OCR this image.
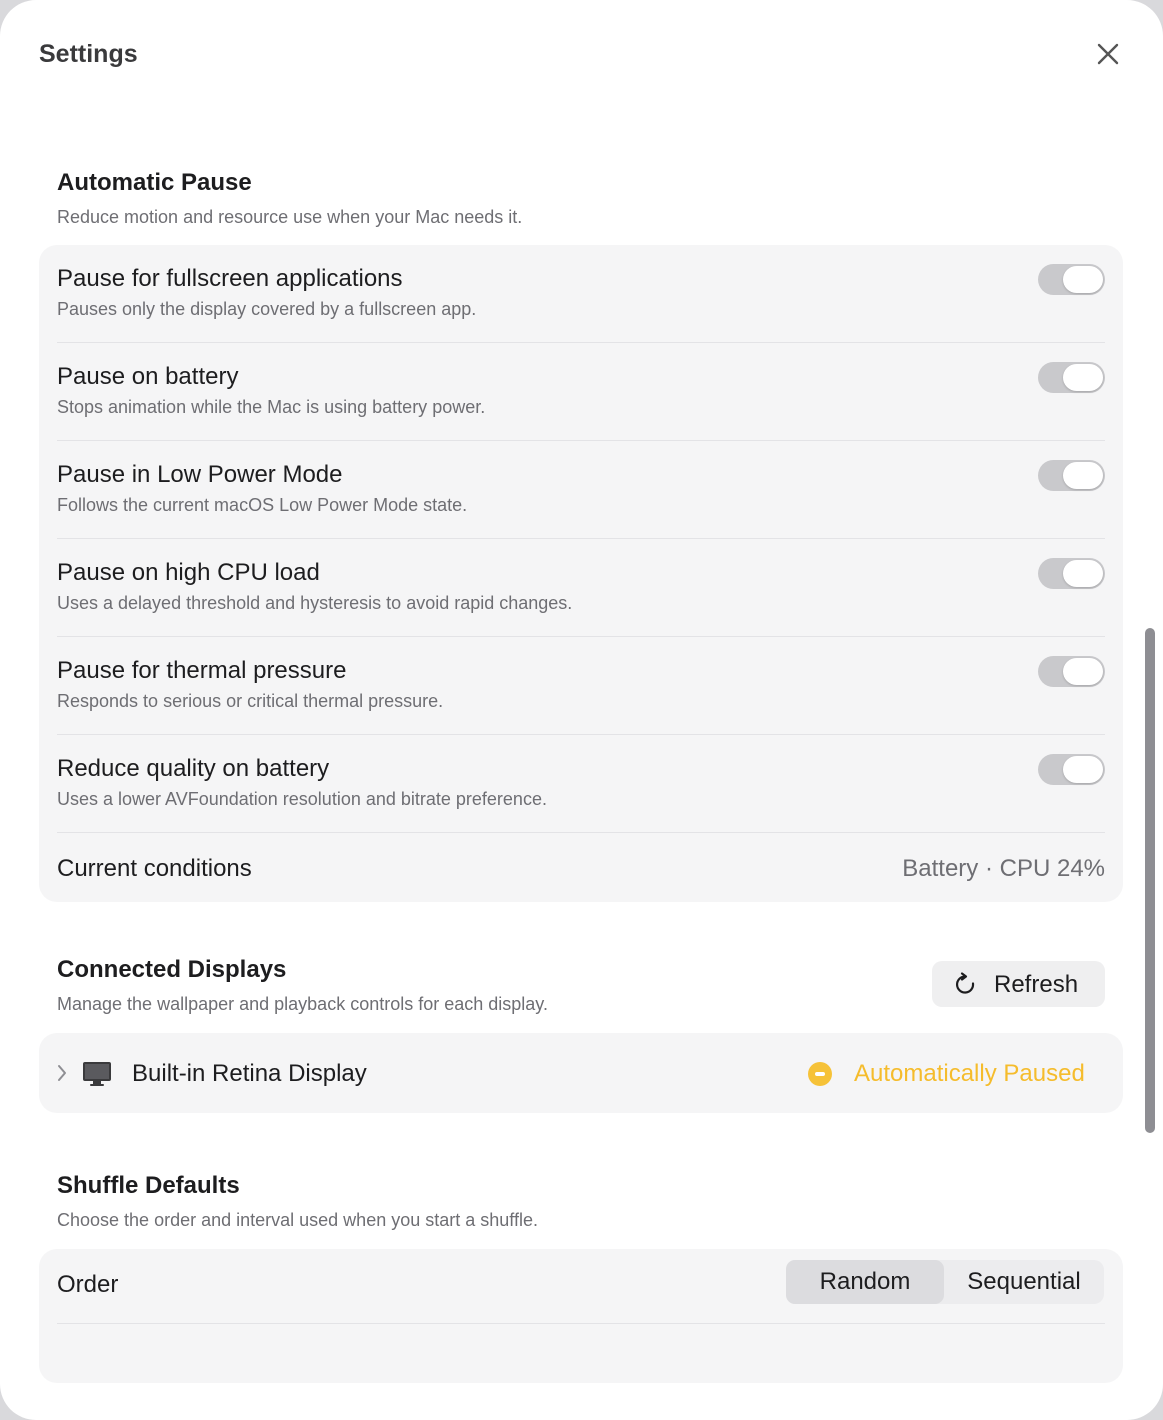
Settings
Automatic Pause
Reduce motion and resource use when your Mac needs it.
Pause for fullscreen applications
Pauses only the display covered by a fullscreen app.
Pause on battery
Stops animation while the Mac is using battery power.
Pause in Low Power Mode
Follows the current macOS Low Power Mode state.
Pause on high CPU load
Uses a delayed threshold and hysteresis to avoid rapid changes.
Pause for thermal pressure
Responds to serious or critical thermal pressure.
Reduce quality on battery
Uses a lower AVFoundation resolution and bitrate preference.
Current conditions	Battery · CPU 24%
Connected Displays
Manage the wallpaper and playback controls for each display.
Refresh
Built-in Retina Display	Automatically Paused
Shuffle Defaults
Choose the order and interval used when you start a shuffle.
Order	Random	Sequential
